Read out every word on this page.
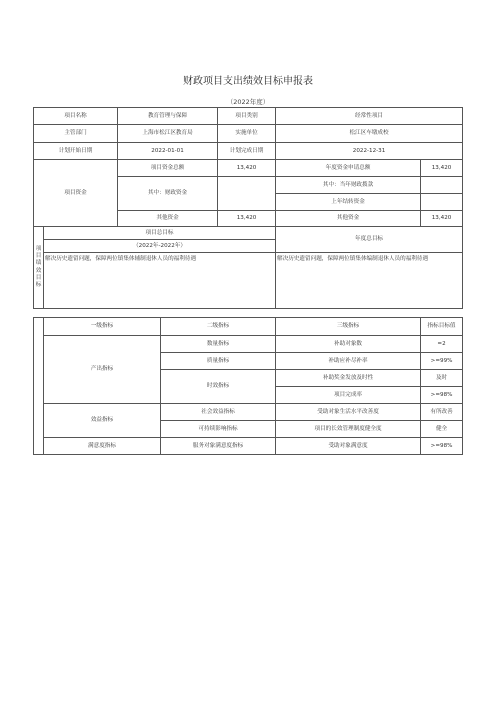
财政项目支出绩效目标申报表
（2022年度）
项目名称		教育管理与保障		项目类别	经常性项目	
主管部门		上海市松江区教育局		实施单位	松江区车墩成校	
计划开始日期		2022-01-01		计划完成日期	2022-12-31	
项目资金		项目资金总额		13,420	年度资金申请总额	13,420
		其中：财政资金			其中：当年财政拨款	
					上年结转资金	
		其他资金		13,420	其他资金	13,420

项目绩效目标	项目总目标				年度总目标	
	（2022年-2022年）					
	解决历史遗留问题，保障两位镇集体辅制退休人员的福利待遇				解决历史遗留问题，保障两位镇集体编制退休人员的福利待遇	

	一级指标		二级指标		三级指标	指标目标值
	产出指标		数量指标		补助对象数	=2
			质量指标		补助应补尽补率	>=99%
			时效指标		补助奖金发放及时性	及时
					项目完成率	>=98%
	效益指标		社会效益指标		受助对象生活水平改善度	有所改善
			可持续影响指标		项目的长效管理制度健全度	健全
	满意度指标		服务对象满意度指标		受助对象满意度	>=98%
